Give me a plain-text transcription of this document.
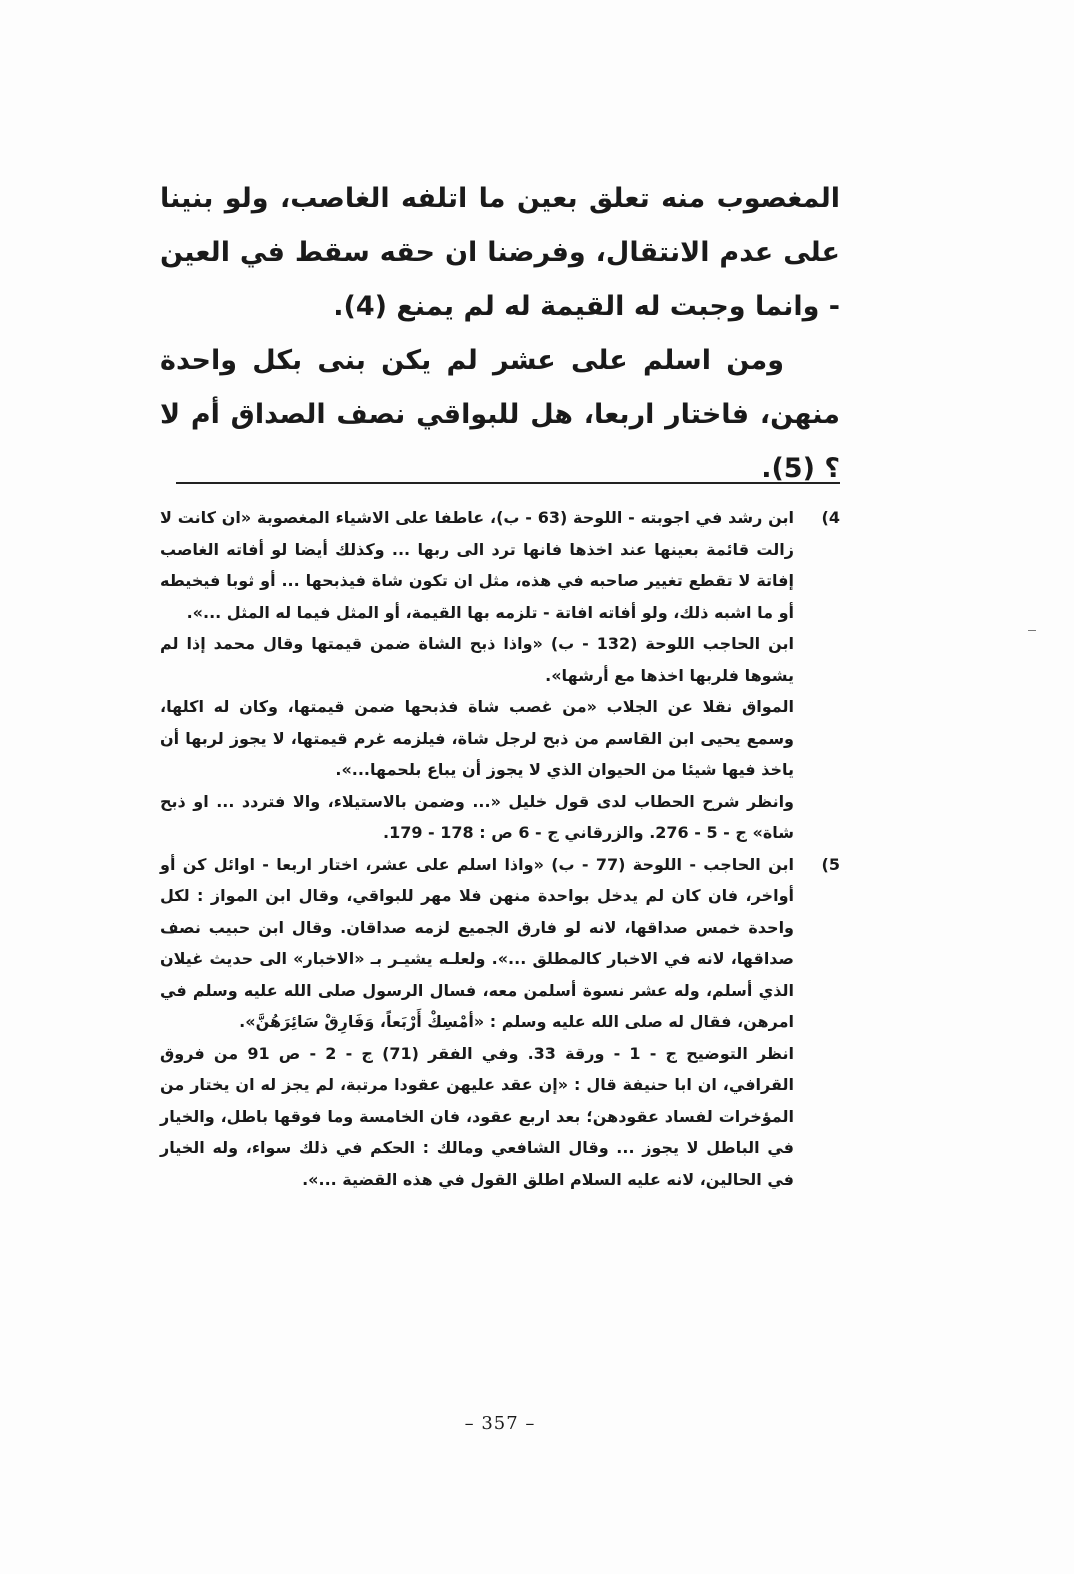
المغصوب منه تعلق بعين ما اتلفه الغاصب، ولو بنينا على عدم الانتقال، وفرضنا ان حقه سقط في العين - وانما وجبت له القيمة له لم يمنع (4).

ومن اسلم على عشر لم يكن بنى بكل واحدة منهن، فاختار اربعا، هل للبواقي نصف الصداق أم لا ؟ (5).

(4

ابن رشد في اجوبته - اللوحة (63 - ب)، عاطفا على الاشياء المغصوبة «ان كانت لا زالت قائمة بعينها عند اخذها فانها ترد الى ربها ... وكذلك أيضا لو أفاته الغاصب إفاتة لا تقطع تغيير صاحبه في هذه، مثل ان تكون شاة فيذبحها ... أو ثوبا فيخيطه أو ما اشبه ذلك، ولو أفاته افاتة - تلزمه بها القيمة، أو المثل فيما له المثل ...».

ابن الحاجب اللوحة (132 - ب) «واذا ذبح الشاة ضمن قيمتها وقال محمد إذا لم يشوها فلربها اخذها مع أرشها».

المواق نقلا عن الجلاب «من غصب شاة فذبحها ضمن قيمتها، وكان له اكلها، وسمع يحيى ابن القاسم من ذبح لرجل شاة، فيلزمه غرم قيمتها، لا يجوز لربها أن ياخذ فيها شيئا من الحيوان الذي لا يجوز أن يباع بلحمها...».

وانظر شرح الحطاب لدى قول خليل «... وضمن بالاستيلاء، والا فتردد ... او ذبح شاة» ج - 5 - 276. والزرقاني ج - 6 ص : 178 - 179.

(5

ابن الحاجب - اللوحة (77 - ب) «واذا اسلم على عشر، اختار اربعا - اوائل كن أو أواخر، فان كان لم يدخل بواحدة منهن فلا مهر للبواقي، وقال ابن المواز : لكل واحدة خمس صداقها، لانه لو فارق الجميع لزمه صداقان. وقال ابن حبيب نصف صداقها، لانه في الاخبار كالمطلق ...». ولعلـه يشيـر بـ «الاخبار» الى حديث غيلان الذي أسلم، وله عشر نسوة أسلمن معه، فسال الرسول صلى الله عليه وسلم في امرهن، فقال له صلى الله عليه وسلم : «أمْسِكْ أَرْبَعاً، وَفَارِقْ سَائِرَهُنَّ».

انظر التوضيح ج - 1 - ورقة 33. وفي الفقر (71) ج - 2 - ص 91 من فروق القرافي، ان ابا حنيفة قال : «إن عقد عليهن عقودا مرتبة، لم يجز له ان يختار من المؤخرات لفساد عقودهن؛ بعد اربع عقود، فان الخامسة وما فوقها باطل، والخيار في الباطل لا يجوز ... وقال الشافعي ومالك : الحكم في ذلك سواء، وله الخيار في الحالين، لانه عليه السلام اطلق القول في هذه القضية ...».

– 357 –
